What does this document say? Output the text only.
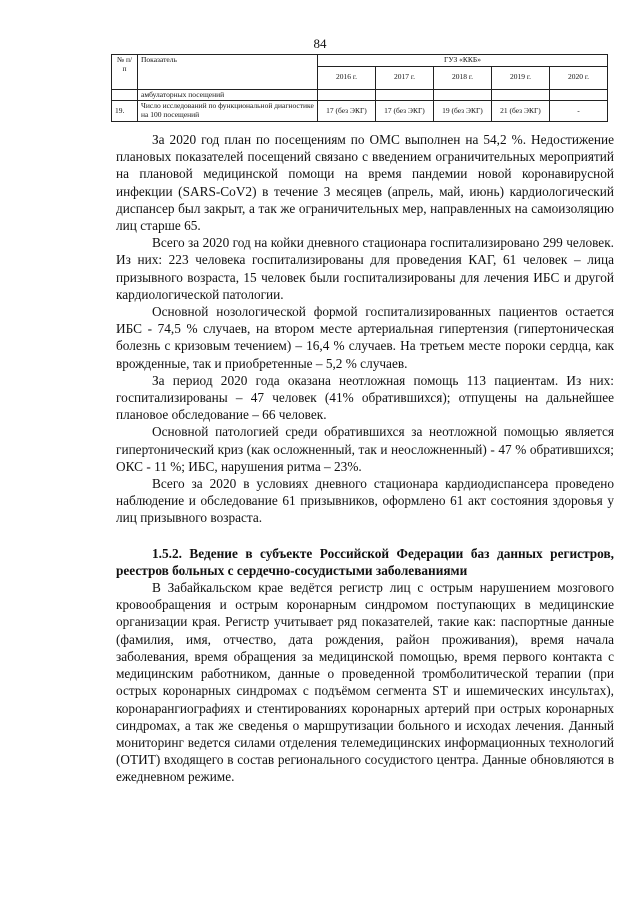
84
№ п/п	Показатель	ГУЗ «ККБ»				
		2016 г.	2017 г.	2018 г.	2019 г.	2020 г.
	амбулаторных посещений					
19.	Число исследований по функциональной диагностике на 100 посещений	17 (без ЭКГ)	17 (без ЭКГ)	19 (без ЭКГ)	21 (без ЭКГ)	-

За 2020 год план по посещениям по ОМС выполнен на 54,2 %. Недостижение плановых показателей посещений связано с введением ограничительных мероприятий на плановой медицинской помощи на время пандемии новой коронавирусной инфекции (SARS-CoV2) в течение 3 месяцев (апрель, май, июнь) кардиологический диспансер был закрыт, а так же ограничительных мер, направленных на самоизоляцию лиц старше 65.

Всего за 2020 год на койки дневного стационара госпитализировано 299 человек. Из них: 223 человека госпитализированы для проведения КАГ, 61 человек – лица призывного возраста, 15 человек были госпитализированы для лечения ИБС и другой кардиологической патологии.

Основной нозологической формой госпитализированных пациентов остается ИБС - 74,5 % случаев, на втором месте артериальная гипертензия (гипертоническая болезнь с кризовым течением) – 16,4 % случаев. На третьем месте пороки сердца, как врожденные, так и приобретенные – 5,2 % случаев.

За период 2020 года оказана неотложная помощь 113 пациентам. Из них: госпитализированы – 47 человек (41% обратившихся); отпущены на дальнейшее плановое обследование – 66 человек.

Основной патологией среди обратившихся за неотложной помощью является гипертонический криз (как осложненный, так и неосложненный) - 47 % обратившихся; ОКС - 11 %; ИБС, нарушения ритма – 23%.

Всего за 2020 в условиях дневного стационара кардиодиспансера проведено наблюдение и обследование 61 призывников, оформлено 61 акт состояния здоровья у лиц призывного возраста.

1.5.2. Ведение в субъекте Российской Федерации баз данных регистров, реестров больных с сердечно-сосудистыми заболеваниями

В Забайкальском крае ведётся регистр лиц с острым нарушением мозгового кровообращения и острым коронарным синдромом поступающих в медицинские организации края. Регистр учитывает ряд показателей, такие как: паспортные данные (фамилия, имя, отчество, дата рождения, район проживания), время начала заболевания, время обращения за медицинской помощью, время первого контакта с медицинским работником, данные о проведенной тромболитической терапии (при острых коронарных синдромах с подъёмом сегмента ST и ишемических инсультах), коронарангиографиях и стентированиях коронарных артерий при острых коронарных синдромах, а так же сведенья о маршрутизации больного и исходах лечения. Данный мониторинг ведется силами отделения телемедицинских информационных технологий (ОТИТ) входящего в состав регионального сосудистого центра. Данные обновляются в ежедневном режиме.
